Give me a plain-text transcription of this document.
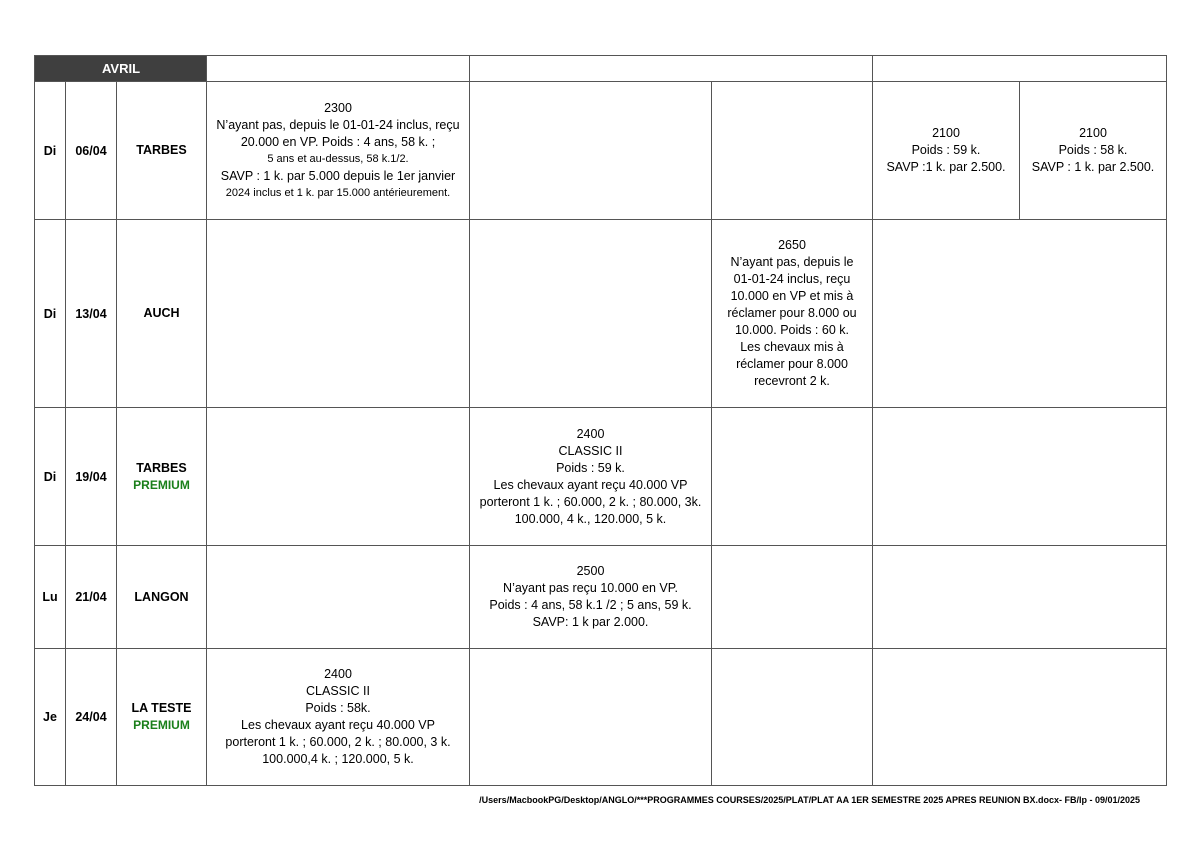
AVRIL
Di 06/04 TARBES
2300
N’ayant pas, depuis le 01-01-24 inclus, reçu
20.000 en VP. Poids : 4 ans, 58 k. ;
5 ans et au-dessus, 58 k.1/2.
SAVP : 1 k. par 5.000 depuis le 1er janvier
2024 inclus et 1 k. par 15.000 antérieurement.
2100
Poids : 59 k.
SAVP :1 k. par 2.500.
2100
Poids : 58 k.
SAVP : 1 k. par 2.500.
Di 13/04	AUCH
2650
N’ayant pas, depuis le
01-01-24 inclus, reçu
10.000 en VP et mis à
réclamer pour 8.000 ou
10.000. Poids : 60 k.
Les chevaux mis à
réclamer pour 8.000
recevront 2 k.
Di 19/04
TARBES
PREMIUM
2400
CLASSIC II
Poids : 59 k.
Les chevaux ayant reçu 40.000 VP
porteront 1 k. ; 60.000, 2 k. ; 80.000, 3k.
100.000, 4 k., 120.000, 5 k.
Lu 21/04 LANGON
2500
N’ayant pas reçu 10.000 en VP.
Poids : 4 ans, 58 k.1 /2 ; 5 ans, 59 k.
SAVP: 1 k par 2.000.
Je 24/04
LA TESTE
PREMIUM
2400
CLASSIC II
Poids : 58k.
Les chevaux ayant reçu 40.000 VP
porteront 1 k. ; 60.000, 2 k. ; 80.000, 3 k.
100.000,4 k. ; 120.000, 5 k.
/Users/MacbookPG/Desktop/ANGLO/***PROGRAMMES COURSES/2025/PLAT/PLAT AA 1ER SEMESTRE 2025 APRES REUNION BX.docx- FB/lp - 09/01/2025
